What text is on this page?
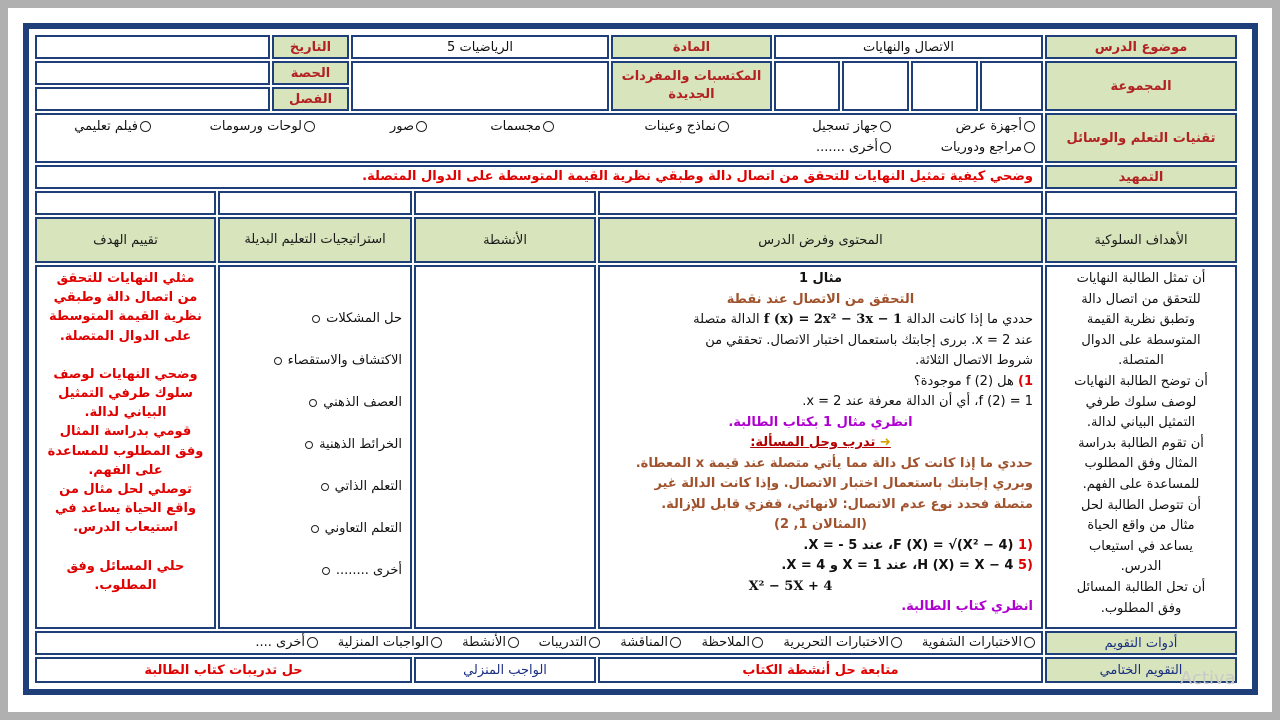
موضوع الدرس
الاتصال والنهايات
المادة
الرياضيات 5
التاريخ
المجموعة
المكتسبات والمفردات الجديدة
الحصة
الفصل
تقنيات التعلم والوسائل
أجهزة عرض
جهاز تسجيل
نماذج وعينات
مجسمات
صور
لوحات ورسومات
فيلم تعليمي
مراجع ودوريات
أخرى .......
التمهيد
وضحي كيفية تمثيل النهايات للتحقق من اتصال دالة وطبقي نظرية القيمة المتوسطة على الدوال المتصلة.
الأهداف السلوكية
المحتوى وفرض الدرس
الأنشطة
استراتيجيات التعليم البديلة
تقييم الهدف
أن تمثل الطالبة النهايات
للتحقق من اتصال دالة
وتطبق نظرية القيمة
المتوسطة على الدوال
المتصلة.
أن توضح الطالبة النهايات
لوصف سلوك طرفي
التمثيل البياني لدالة.
أن تقوم الطالبة بدراسة
المثال وفق المطلوب
للمساعدة على الفهم.
أن تتوصل الطالبة لحل
مثال من واقع الحياة
يساعد في استيعاب
الدرس.
أن تحل الطالبة المسائل
وفق المطلوب.
مثال 1
التحقق من الاتصال عند نقطة
حددي ما إذا كانت الدالة f (x) = 2x² − 3x − 1 الدالة متصلة
عند x = 2. بررى إجابتك باستعمال اختبار الاتصال. تحققي من
شروط الاتصال الثلاثة.
1) هل f (2) موجودة؟
f (2) = 1، أي أن الدالة معرفة عند x = 2.
انظري مثال 1 بكتاب الطالبة.
➜ تدرب وحل المسألة:
حددي ما إذا كانت كل دالة مما يأتي متصلة عند قيمة x المعطاة.
وبرري إجابتك باستعمال اختبار الاتصال. وإذا كانت الدالة غير
متصلة فحدد نوع عدم الاتصال: لانهائي، قفزي قابل للإزالة.
(المثالان 1, 2)
(1 F (X) = √(X² − 4)، عند X = - 5.
(5 H (X) = X − 4، عند X = 1 و X = 4.
X² − 5X + 4
انظري كتاب الطالبة.
حل المشكلات
الاكتشاف والاستقصاء
العصف الذهني
الخرائط الذهنية
التعلم الذاتي
التعلم التعاوني
أخرى ........
مثلي النهايات للتحقق
من اتصال دالة وطبقي
نظرية القيمة المتوسطة
على الدوال المتصلة.
وضحي النهايات لوصف
سلوك طرفي التمثيل
البياني لدالة.
قومي بدراسة المثال
وفق المطلوب للمساعدة
على الفهم.
توصلي لحل مثال من
واقع الحياة يساعد في
استيعاب الدرس.
حلي المسائل وفق
المطلوب.
أدوات التقويم
الاختبارات الشفوية
الاختبارات التحريرية
الملاحظة
المناقشة
التدريبات
الأنشطة
الواجبات المنزلية
أخرى ....
التقويم الختامي
متابعة حل أنشطة الكتاب
الواجب المنزلي
حل تدريبات كتاب الطالبة	Activa
